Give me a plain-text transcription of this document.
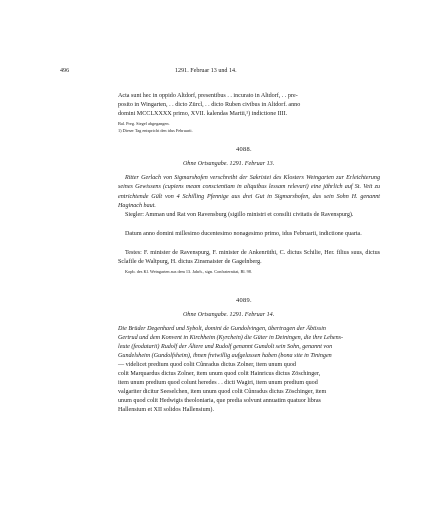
496	1291. Februar 13 und 14.
Acta sunt hec in oppido Altdorf, presentibus . . incurato in Altdorf, . . pre-
posito in Wingarten, . . dicto Zürcl, . . dicto Ruben civibus in Altdorf. anno
domini MCCLXXXX primo, XVII. kalendas Martii,¹) indictione IIII.
Bal. Preg. Siegel abgegangen.
1) Dieser Tag entspricht den idus Februarii.
4088.
Ohne Ortsangabe. 1291. Februar 13.
Ritter Gerlach von Sigmarshofen verschreibt der Sakristei des Klosters Weingarten zur Erleichterung seines Gewissens (cupiens meam conscientiam in aliquibus lessam relevari) eine jährlich auf St. Veit zu entrichtende Gült von 4 Schilling Pfennige aus drei Gut in Sigmarshofen, das sein Sohn H. genannt Haginach baut.
Siegler: Amman und Rat von Ravensburg (sigillo ministri et consilii civitatis de Ravenspurg).
Datum anno domini millesimo ducentesimo nonagesimo primo, idus Februarii, indictione quarta.
Testes: F. minister de Ravenspurg, F. minister de Ankenrüthi, C. dictus Schilie, Her. filius suus, dictus Sclafile de Waltpurg, H. dictus Zinsmaister de Gagelnberg.
Kopb. des Kl. Weingarten aus dem 13. Jahrh., sign. Confraternitat, Bl. 98.
4089.
Ohne Ortsangabe. 1291. Februar 14.
Die Brüder Degenhard und Sybolt, domini de Gundolvingen, übertragen der Äbtissin
Gertrud und dem Konvent in Kirchheim (Kyrchein) die Güter in Deiningen, die ihre Lehens-
leute (feodatarii) Rudolf der Ältere und Rudolf genannt Gundolt sein Sohn, genannt von
Gundelsheim (Gundolfsheim), ihnen freiwillig aufgelassen haben (bona site in Tiningen
— videlicet predium quod colit Cûnradus dictus Zolner, item unum quod
colit Marquardus dictus Zolner, item unum quod colit Hainricus dictus Zöschinger,
item unum predium quod colunt heredes . . dicti Wagiri, item unum predium quod
valgariter dicitur Seeselchen, item unum quod colit Cûnradus dictus Zöschinger, item
unum quod colit Hedwigis theoloniaria, que predia solvunt annuatim quatuor libras
Hallensium et XII solidos Hallensium).
